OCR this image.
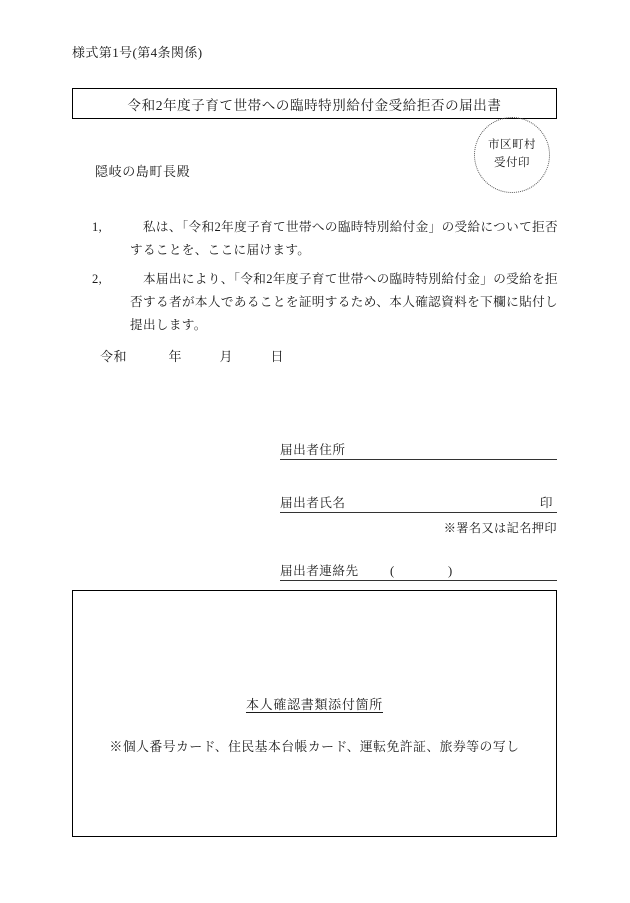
様式第1号(第4条関係)
令和2年度子育て世帯への臨時特別給付金受給拒否の届出書
市区町村
受付印
隠岐の島町長殿
1,	　私は、「令和2年度子育て世帯への臨時特別給付金」の受給について拒否することを、ここに届けます。
2,	　本届出により、「令和2年度子育て世帯への臨時特別給付金」の受給を拒否する者が本人であることを証明するため、本人確認資料を下欄に貼付し提出します。
令和	年	月	日
届出者住所
届出者氏名	印
※署名又は記名押印
届出者連絡先 (	)
本人確認書類添付箇所
※個人番号カード、住民基本台帳カード、運転免許証、旅券等の写し
